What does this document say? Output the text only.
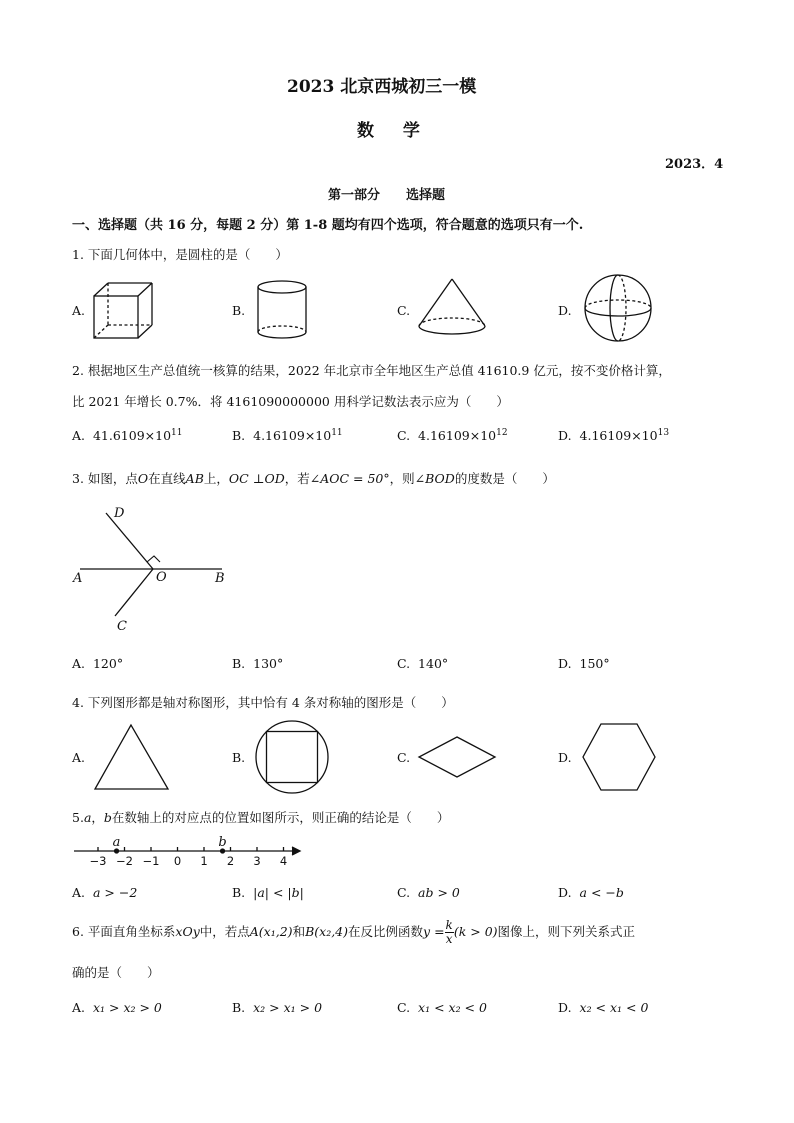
2023 北京西城初三一模
数　 学
2023．4
第一部分　　选择题
一、选择题（共 16 分，每题 2 分）第 1-8 题均有四个选项，符合题意的选项只有一个.
1. 下面几何体中，是圆柱的是（　　）
A.	B.	C.	D.
2. 根据地区生产总值统一核算的结果，2022 年北京市全年地区生产总值 41610.9 亿元，按不变价格计算，
比 2021 年增长 0.7%．将 4161090000000 用科学记数法表示应为（　　）
A. $41.6109\times 10^{11}$	B. $4.16109\times 10^{11}$	C. $4.16109\times 10^{12}$	D. $4.16109\times 10^{13}$
3. 如图，点O在直线AB上，OC ⊥OD，若∠AOC = 50°，则∠BOD的度数是（　　）
D
A	O	B
C
A. 120°	B. 130°	C. 140°	D. 150°
4. 下列图形都是轴对称图形，其中恰有 4 条对称轴的图形是（　　）
A.	B.	C.	D.
5.a，b在数轴上的对应点的位置如图所示，则正确的结论是（　　）
−3 −2 −1 0 1 2 3 4
a	b
A. a > −2	B. |a| < |b|	C. ab > 0	D. a < −b
6. 平面直角坐标系xOy中，若点A(x₁,2)和B(x₂,4)在反比例函数$y = \frac{k}{x} (k > 0)$图像上，则下列关系式正
确的是（　　）
A. x₁ > x₂ > 0	B. x₂ > x₁ > 0	C. x₁ < x₂ < 0	D. x₂ < x₁ < 0
